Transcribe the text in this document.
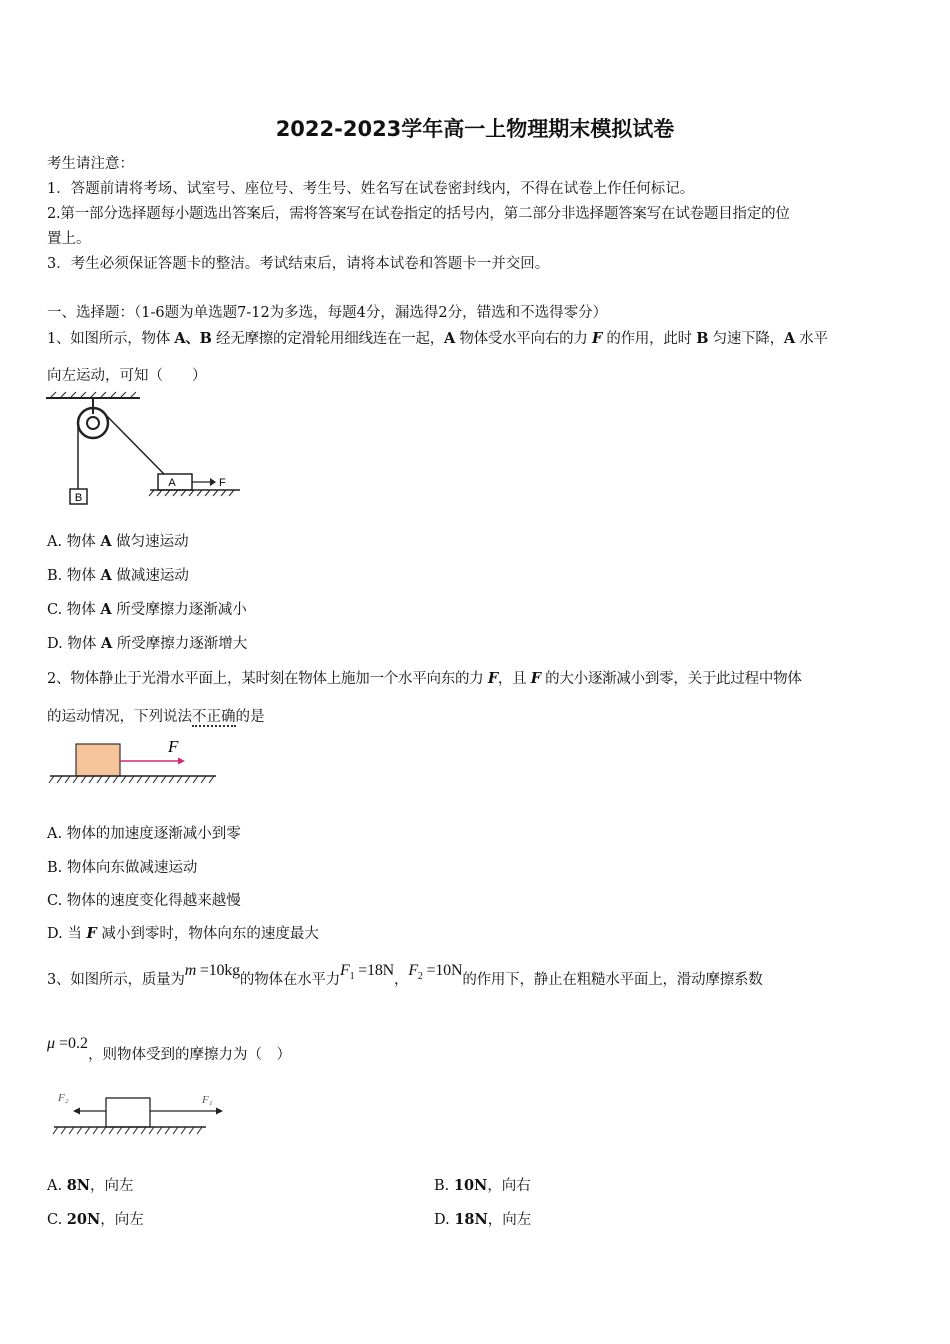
2022-2023学年高一上物理期末模拟试卷
考生请注意：
1．答题前请将考场、试室号、座位号、考生号、姓名写在试卷密封线内，不得在试卷上作任何标记。
2.第一部分选择题每小题选出答案后，需将答案写在试卷指定的括号内，第二部分非选择题答案写在试卷题目指定的位
置上。
3．考生必须保证答题卡的整洁。考试结束后，请将本试卷和答题卡一并交回。
一、选择题：（1-6题为单选题7-12为多选，每题4分，漏选得2分，错选和不选得零分）
1、如图所示，物体 A、B 经无摩擦的定滑轮用细线连在一起，A 物体受水平向右的力 F 的作用，此时 B 匀速下降，A 水平
向左运动，可知（　　）
B
A	F
A. 物体 A 做匀速运动
B. 物体 A 做减速运动
C. 物体 A 所受摩擦力逐渐减小
D. 物体 A 所受摩擦力逐渐增大
2、物体静止于光滑水平面上，某时刻在物体上施加一个水平向东的力 F，且 F 的大小逐渐减小到零，关于此过程中物体
的运动情况，下列说法不正确的是
F
A. 物体的加速度逐渐减小到零
B. 物体向东做减速运动
C. 物体的速度变化得越来越慢
D. 当 F 减小到零时，物体向东的速度最大
3、如图所示，质量为m =10kg的物体在水平力$F_1 =18N$，$F_2 =10N$的作用下，静止在粗糙水平面上，滑动摩擦系数
μ =0.2，则物体受到的摩擦力为（　）
F₂	F₁
A. 8N，向左	B. 10N，向右
C. 20N，向左	D. 18N，向左
